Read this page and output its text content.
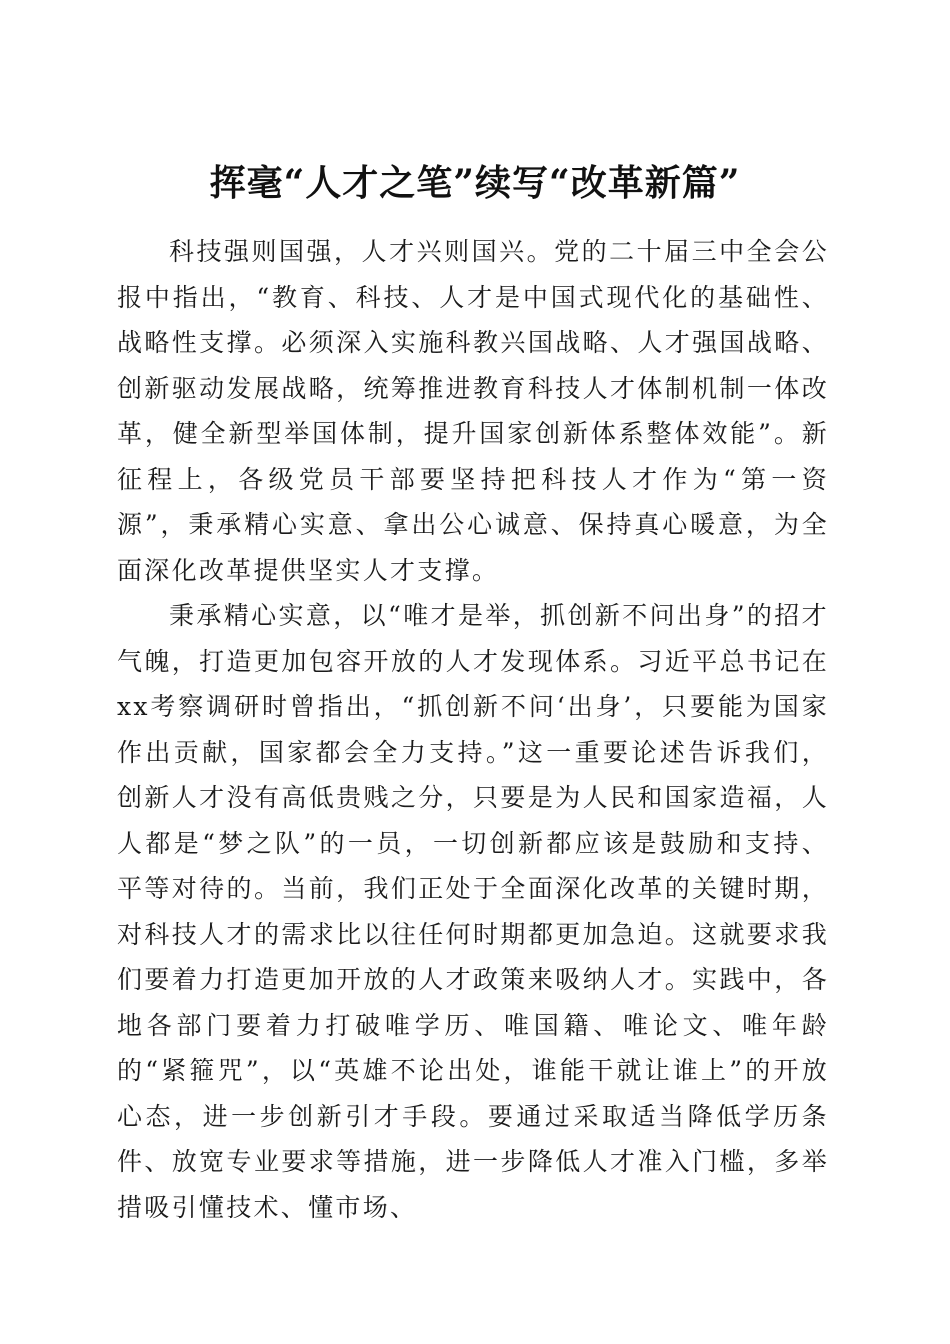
挥毫“人才之笔”续写“改革新篇”

科技强则国强，人才兴则国兴。党的二十届三中全会公报中指出，“教育、科技、人才是中国式现代化的基础性、战略性支撑。必须深入实施科教兴国战略、人才强国战略、创新驱动发展战略，统筹推进教育科技人才体制机制一体改革，健全新型举国体制，提升国家创新体系整体效能”。新征程上，各级党员干部要坚持把科技人才作为“第一资源”，秉承精心实意、拿出公心诚意、保持真心暖意，为全面深化改革提供坚实人才支撑。

秉承精心实意，以“唯才是举，抓创新不问出身”的招才气魄，打造更加包容开放的人才发现体系。习近平总书记在xx考察调研时曾指出，“抓创新不问‘出身’，只要能为国家作出贡献，国家都会全力支持。”这一重要论述告诉我们，创新人才没有高低贵贱之分，只要是为人民和国家造福，人人都是“梦之队”的一员，一切创新都应该是鼓励和支持、平等对待的。当前，我们正处于全面深化改革的关键时期，对科技人才的需求比以往任何时期都更加急迫。这就要求我们要着力打造更加开放的人才政策来吸纳人才。实践中，各地各部门要着力打破唯学历、唯国籍、唯论文、唯年龄的“紧箍咒”，以“英雄不论出处，谁能干就让谁上”的开放心态，进一步创新引才手段。要通过采取适当降低学历条件、放宽专业要求等措施，进一步降低人才准入门槛，多举措吸引懂技术、懂市场、
